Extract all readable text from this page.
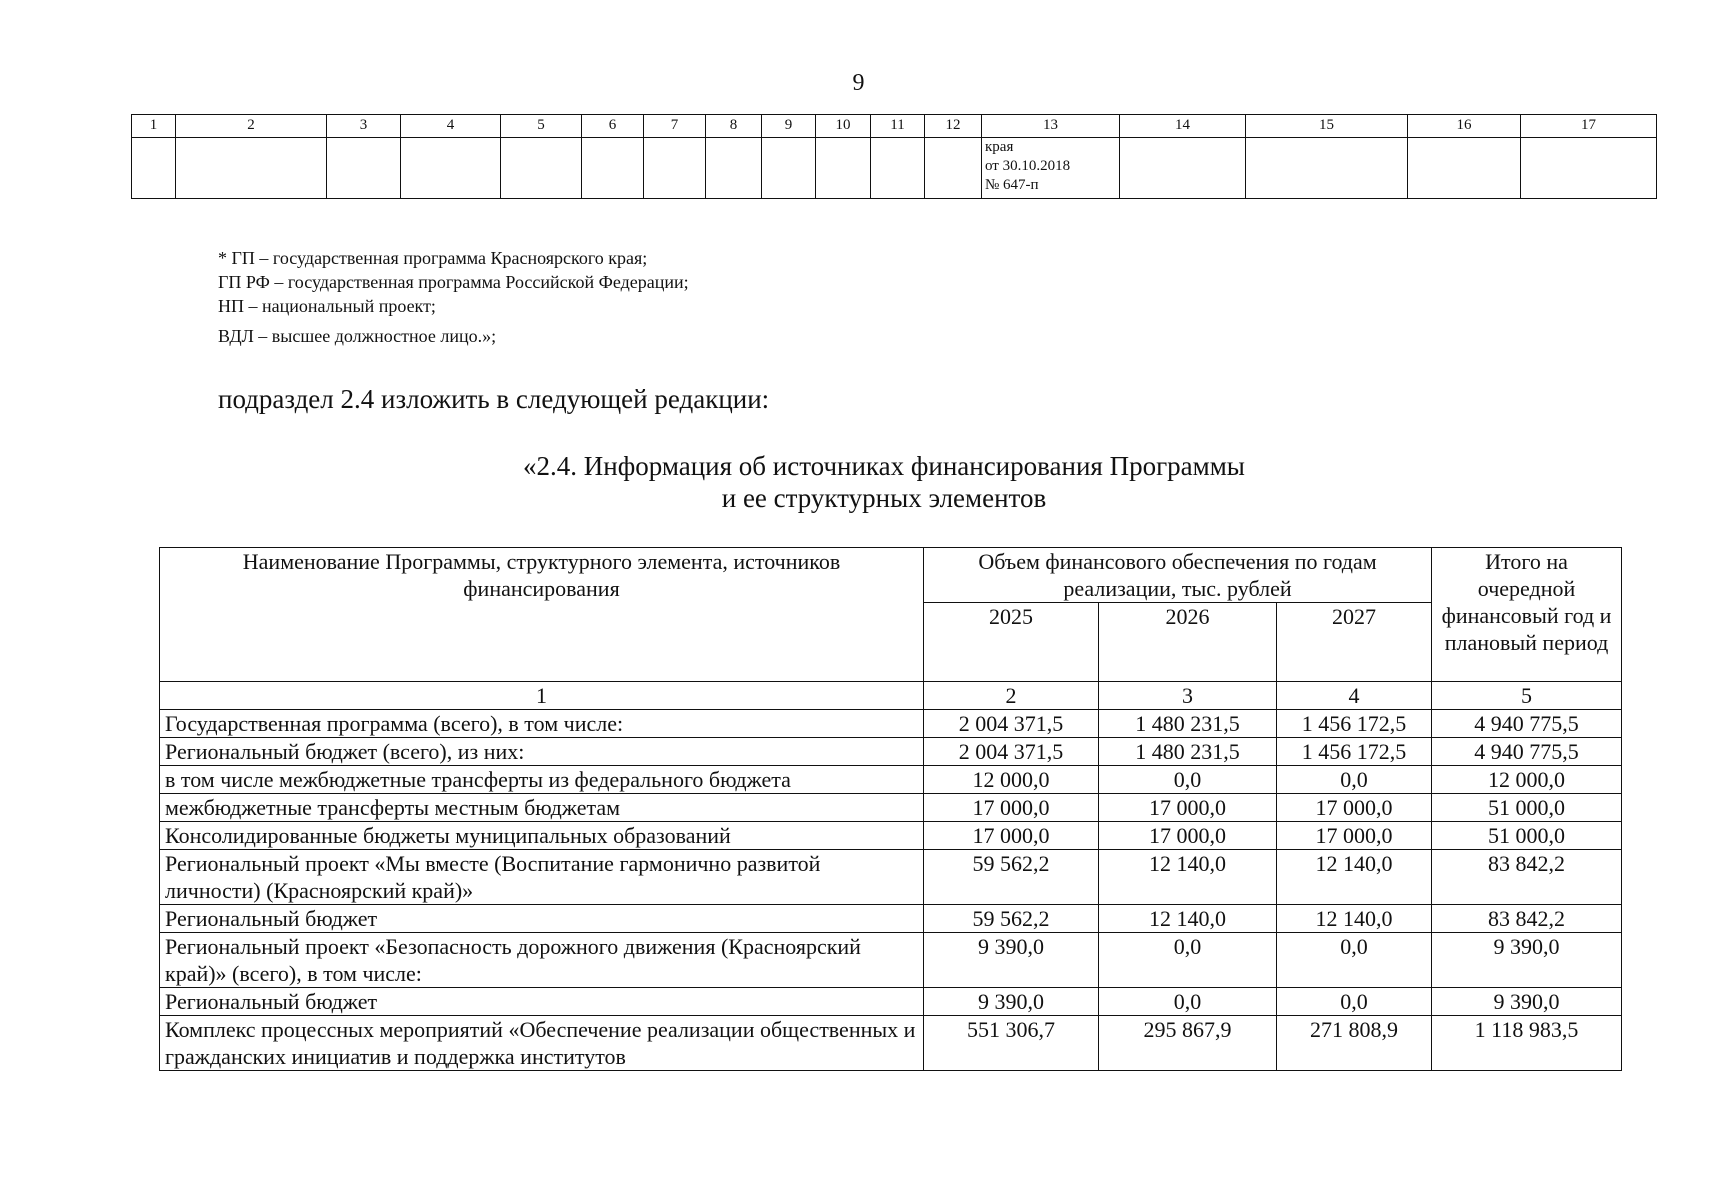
9
1	2	3	4	5	6	7	8	9	10	11	12	13	14	15	16	17

												края
от 30.10.2018
№ 647-п				

* ГП – государственная программа Красноярского края;
ГП РФ – государственная программа Российской Федерации;
НП – национальный проект;
ВДЛ – высшее должностное лицо.»;
подраздел 2.4 изложить в следующей редакции:
«2.4. Информация об источниках финансирования Программы
и ее структурных элементов
Наименование Программы, структурного элемента, источников финансирования	Объем финансового обеспечения по годам реализации, тыс. рублей			Итого на очередной финансовый год и плановый период
	2025	2026	2027	
1	2	3	4	5
Государственная программа (всего), в том числе:	2 004 371,5	1 480 231,5	1 456 172,5	4 940 775,5
Региональный бюджет (всего), из них:	2 004 371,5	1 480 231,5	1 456 172,5	4 940 775,5
в том числе межбюджетные трансферты из федерального бюджета	12 000,0	0,0	0,0	12 000,0
межбюджетные трансферты местным бюджетам	17 000,0	17 000,0	17 000,0	51 000,0
Консолидированные бюджеты муниципальных образований	17 000,0	17 000,0	17 000,0	51 000,0
Региональный проект «Мы вместе (Воспитание гармонично развитой личности) (Красноярский край)»	59 562,2	12 140,0	12 140,0	83 842,2
Региональный бюджет	59 562,2	12 140,0	12 140,0	83 842,2
Региональный проект «Безопасность дорожного движения (Красноярский край)» (всего), в том числе:	9 390,0	0,0	0,0	9 390,0
Региональный бюджет	9 390,0	0,0	0,0	9 390,0
Комплекс процессных мероприятий «Обеспечение реализации общественных и гражданских инициатив и поддержка институтов	551 306,7	295 867,9	271 808,9	1 118 983,5
